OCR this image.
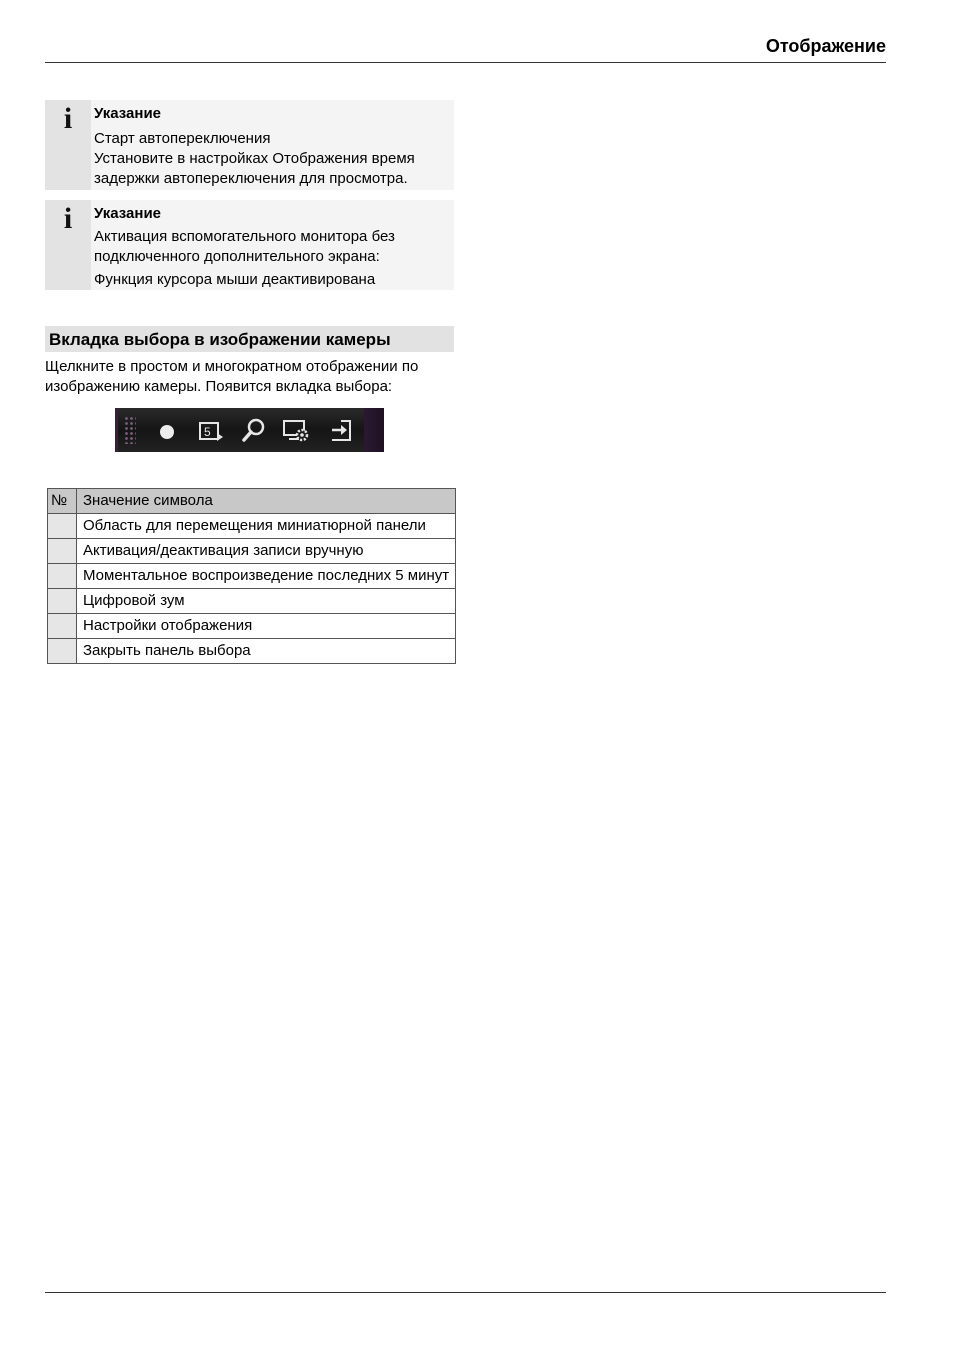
Отображение
i	Указание
Старт автопереключения
Установите в настройках Отображения время задержки автопереключения для просмотра.
i	Указание
Активация вспомогательного монитора без подключенного дополнительного экрана:
Функция курсора мыши деактивирована
Вкладка выбора в изображении камеры
Щелкните в простом и многократном отображении по изображению камеры. Появится вкладка выбора:
5
№	Значение символа
	Область для перемещения миниатюрной панели
	Активация/деактивация записи вручную
	Моментальное воспроизведение последних 5 минут
	Цифровой зум
	Настройки отображения
	Закрыть панель выбора
